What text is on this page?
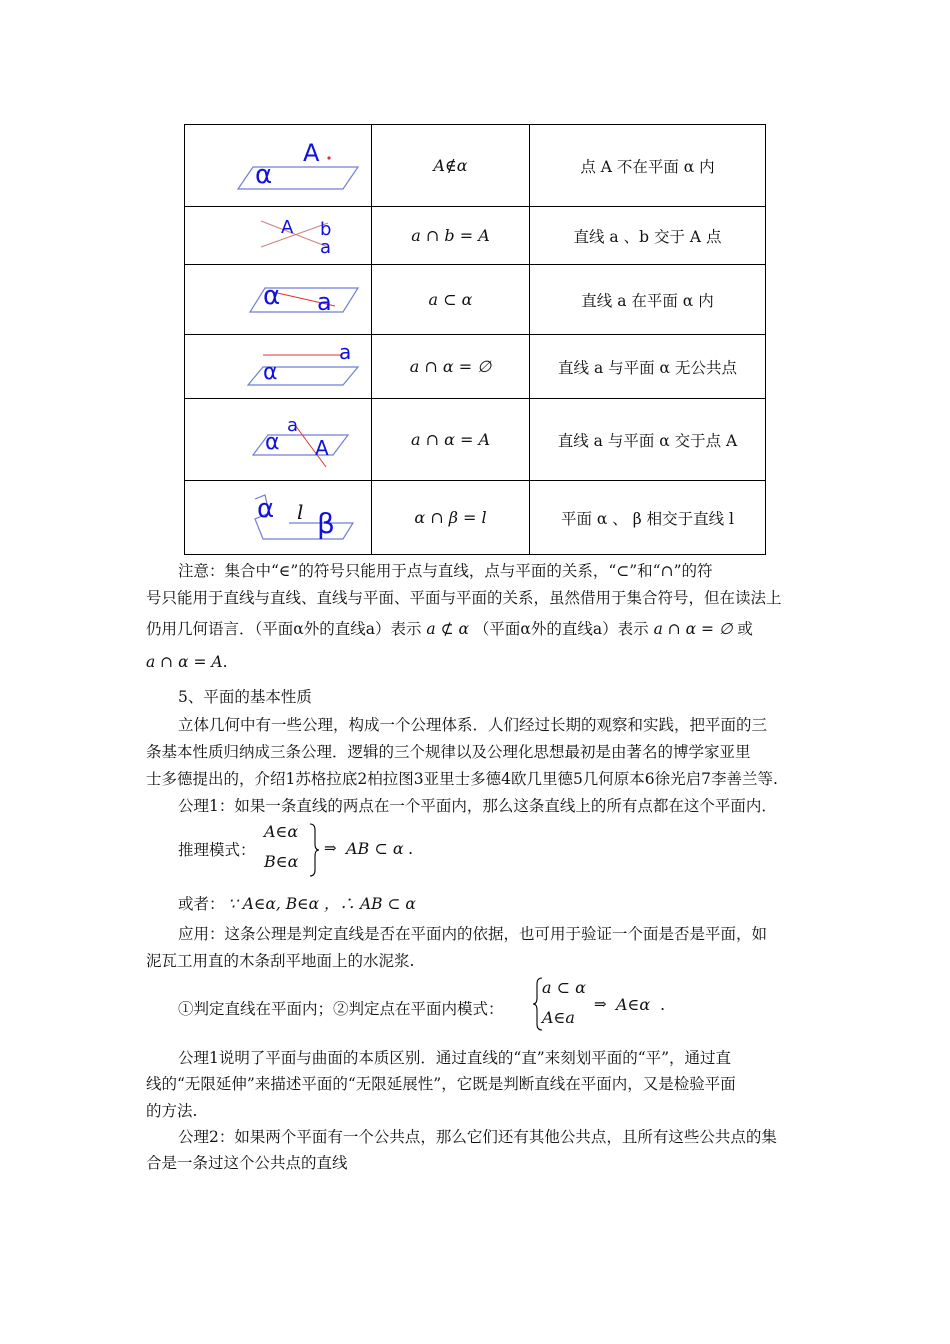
α
A	A∉α	点 A 不在平面 α 内

A b
a	a ∩ b = A	直线 a 、b 交于 A 点

α a	a ⊂ α	直线 a 在平面 α 内

α
a	a ∩ α = ∅	直线 a 与平面 α 无公共点

α
a
A	a ∩ α = A	直线 a 与平面 α 交于点 A

α l β	α ∩ β = l	平面 α 、 β 相交于直线 l
注意：集合中“∈”的符号只能用于点与直线，点与平面的关系，“⊂”和“∩”的符
号只能用于直线与直线、直线与平面、平面与平面的关系，虽然借用于集合符号，但在读法上
仍用几何语言．（平面α外的直线a）表示 a ⊄ α （平面α外的直线a）表示 a ∩ α = ∅ 或
a ∩ α = A.
5、平面的基本性质
立体几何中有一些公理，构成一个公理体系．人们经过长期的观察和实践，把平面的三
条基本性质归纳成三条公理．逻辑的三个规律以及公理化思想最初是由著名的博学家亚里
士多德提出的，介绍1苏格拉底2柏拉图3亚里士多德4欧几里德5几何原本6徐光启7李善兰等.
公理1：如果一条直线的两点在一个平面内，那么这条直线上的所有点都在这个平面内．
推理模式：
A∈α
B∈α
⇒ AB ⊂ α .
或者： ∵ A∈α, B∈α ，∴ AB ⊂ α
应用：这条公理是判定直线是否在平面内的依据，也可用于验证一个面是否是平面，如
泥瓦工用直的木条刮平地面上的水泥浆.
①判定直线在平面内；②判定点在平面内模式：
a ⊂ α
A∈a
⇒ A∈α .
公理1说明了平面与曲面的本质区别．通过直线的“直”来刻划平面的“平”，通过直
线的“无限延伸”来描述平面的“无限延展性”，它既是判断直线在平面内，又是检验平面
的方法.
公理2：如果两个平面有一个公共点，那么它们还有其他公共点，且所有这些公共点的集
合是一条过这个公共点的直线
